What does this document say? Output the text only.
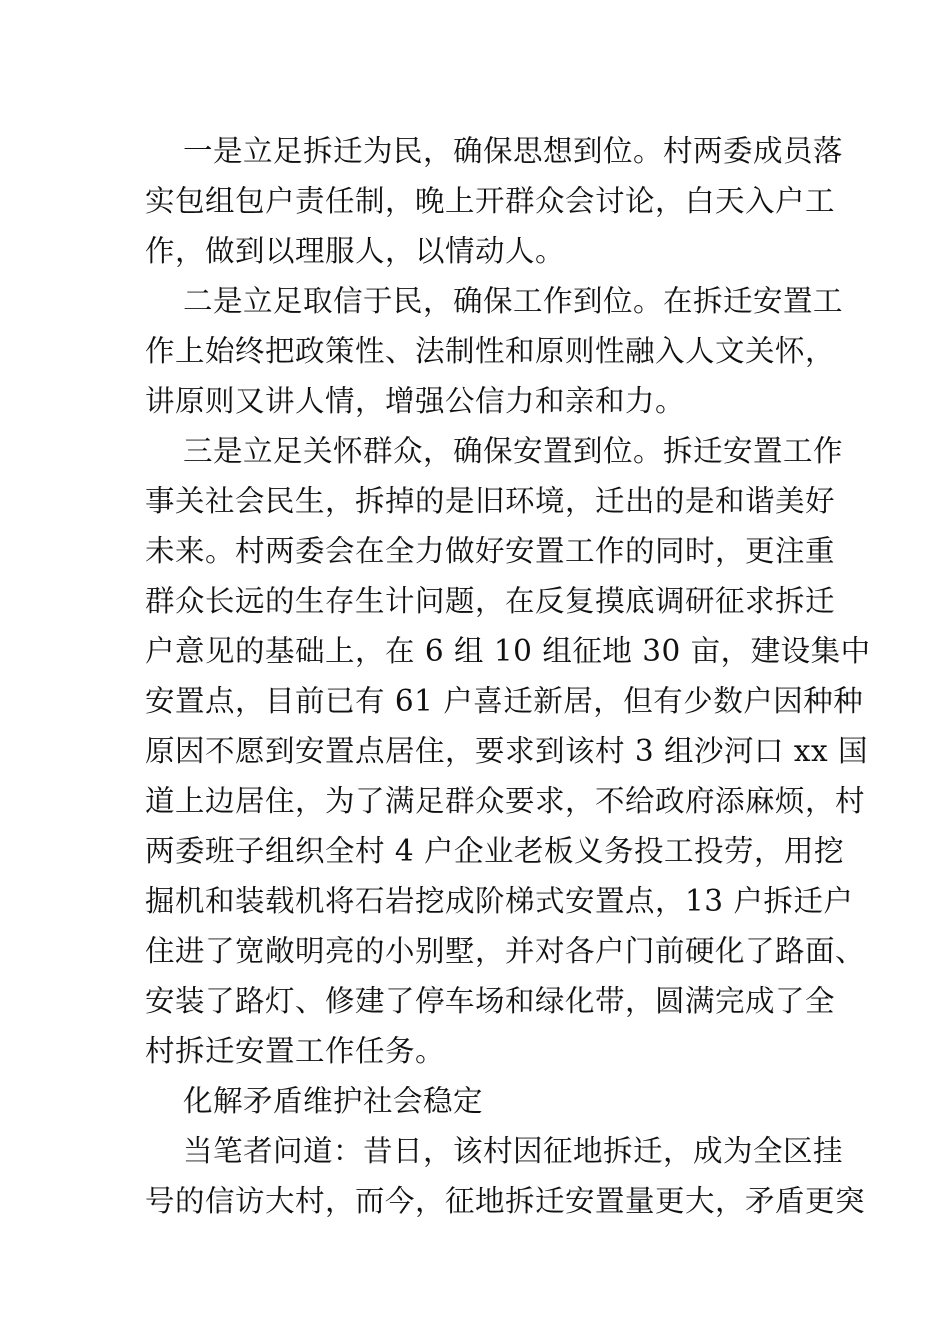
一是立足拆迁为民，确保思想到位。村两委成员落
实包组包户责任制，晚上开群众会讨论，白天入户工
作，做到以理服人，以情动人。
二是立足取信于民，确保工作到位。在拆迁安置工
作上始终把政策性、法制性和原则性融入人文关怀，
讲原则又讲人情，增强公信力和亲和力。
三是立足关怀群众，确保安置到位。拆迁安置工作
事关社会民生，拆掉的是旧环境，迁出的是和谐美好
未来。村两委会在全力做好安置工作的同时，更注重
群众长远的生存生计问题，在反复摸底调研征求拆迁
户意见的基础上，在 6 组 10 组征地 30 亩，建设集中
安置点，目前已有 61 户喜迁新居，但有少数户因种种
原因不愿到安置点居住，要求到该村 3 组沙河口 xx 国
道上边居住，为了满足群众要求，不给政府添麻烦，村
两委班子组织全村 4 户企业老板义务投工投劳，用挖
掘机和装载机将石岩挖成阶梯式安置点，13 户拆迁户
住进了宽敞明亮的小别墅，并对各户门前硬化了路面、
安装了路灯、修建了停车场和绿化带，圆满完成了全
村拆迁安置工作任务。
化解矛盾维护社会稳定
当笔者问道：昔日，该村因征地拆迁，成为全区挂
号的信访大村，而今，征地拆迁安置量更大，矛盾更突
